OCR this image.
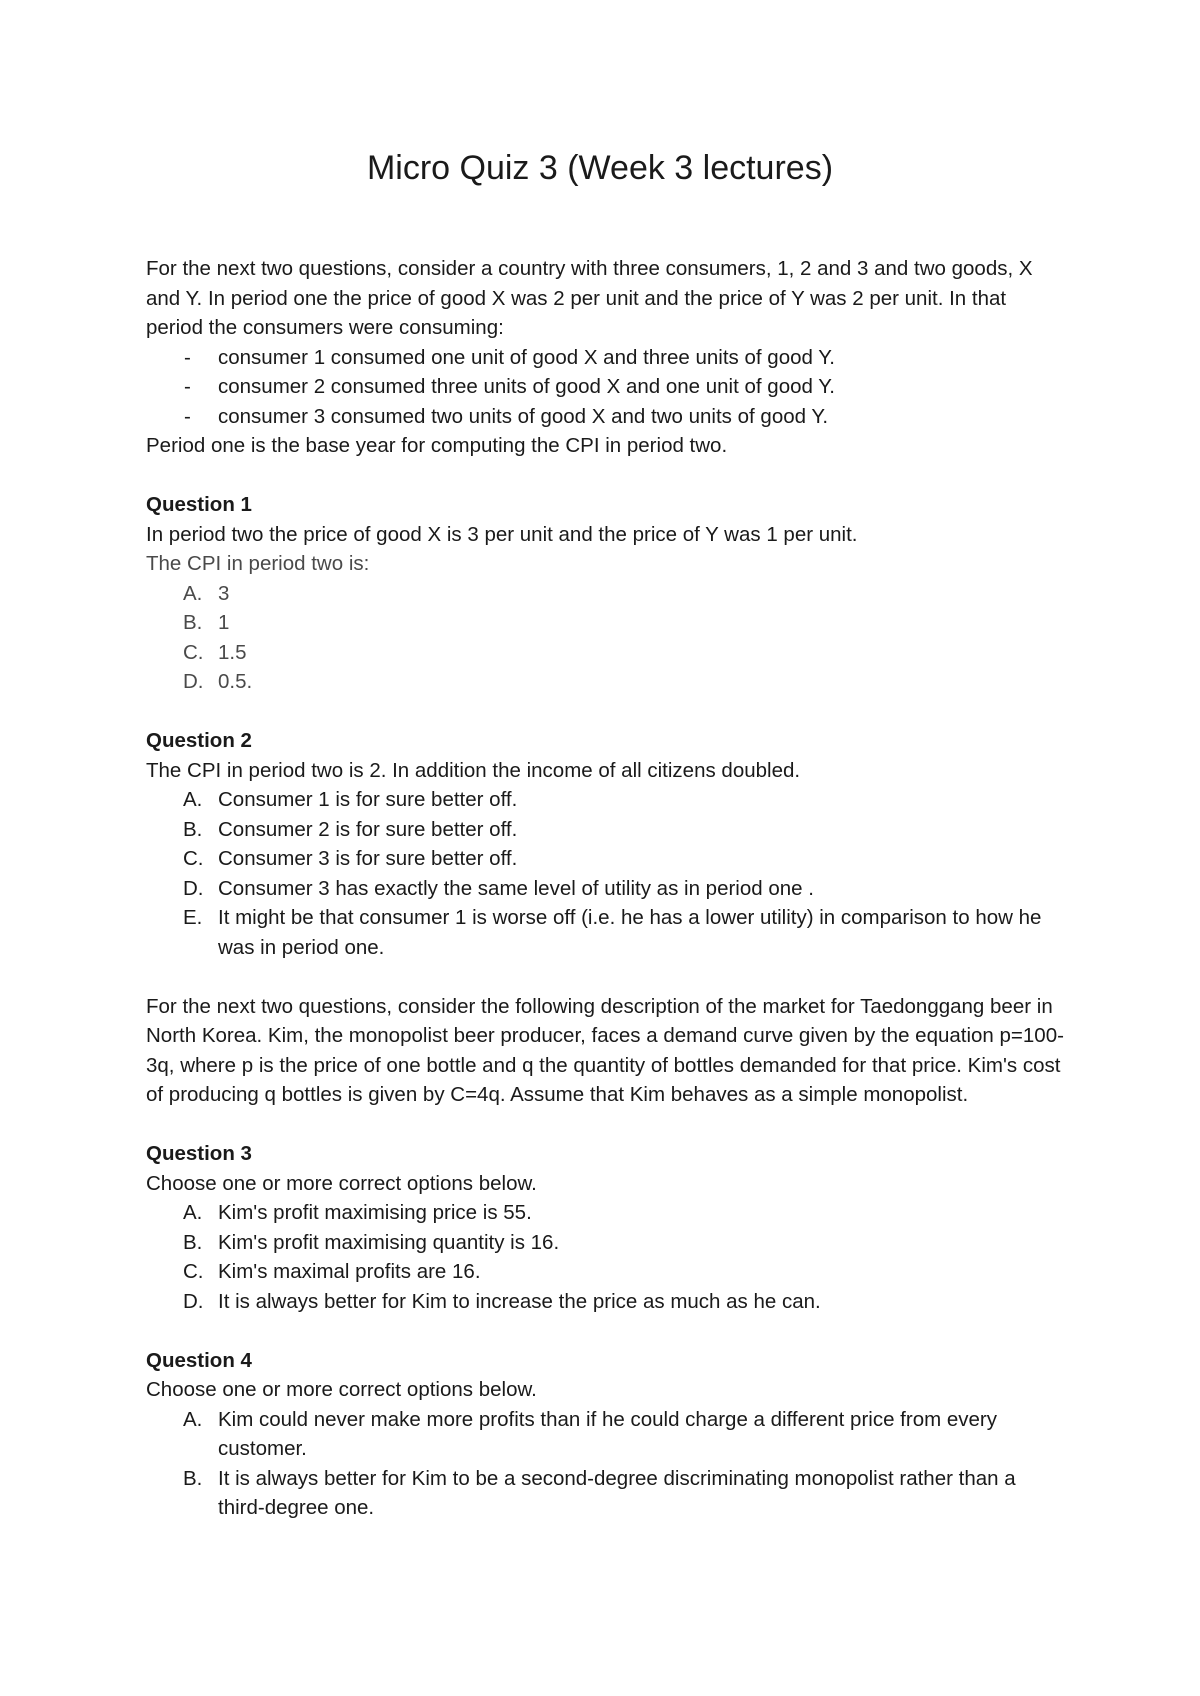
Micro Quiz 3 (Week 3 lectures)

For the next two questions, consider a country with three consumers, 1, 2 and 3 and two goods, X and Y. In period one the price of good X was 2 per unit and the price of Y was 2 per unit. In that period the consumers were consuming:

- consumer 1 consumed one unit of good X and three units of good Y.
- consumer 2 consumed three units of good X and one unit of good Y.
- consumer 3 consumed two units of good X and two units of good Y.

Period one is the base year for computing the CPI in period two.

Question 1

In period two the price of good X is 3 per unit and the price of Y was 1 per unit.

The CPI in period two is:

A. 3
B. 1
C. 1.5
D. 0.5.

Question 2

The CPI in period two is 2. In addition the income of all citizens doubled.

A. Consumer 1 is for sure better off.
B. Consumer 2 is for sure better off.
C. Consumer 3 is for sure better off.
D. Consumer 3 has exactly the same level of utility as in period one .
E. It might be that consumer 1 is worse off (i.e. he has a lower utility) in comparison to how he was in period one.

For the next two questions, consider the following description of the market for Taedonggang beer in North Korea. Kim, the monopolist beer producer, faces a demand curve given by the equation p=100-3q, where p is the price of one bottle and q the quantity of bottles demanded for that price. Kim's cost of producing q bottles is given by C=4q. Assume that Kim behaves as a simple monopolist.

Question 3

Choose one or more correct options below.

A. Kim's profit maximising price is 55.
B. Kim's profit maximising quantity is 16.
C. Kim's maximal profits are 16.
D. It is always better for Kim to increase the price as much as he can.

Question 4

Choose one or more correct options below.

A. Kim could never make more profits than if he could charge a different price from every customer.
B. It is always better for Kim to be a second-degree discriminating monopolist rather than a third-degree one.
